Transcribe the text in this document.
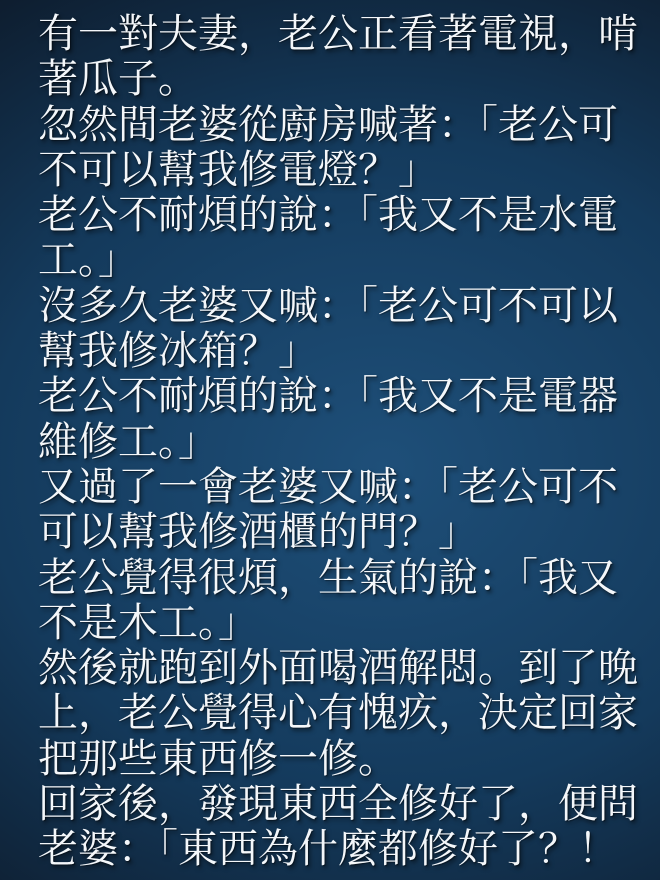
有一對夫妻，老公正看著電視，啃
著瓜子。
忽然間老婆從廚房喊著：「老公可
不可以幫我修電燈？」
老公不耐煩的說：「我又不是水電
工。」
沒多久老婆又喊：「老公可不可以
幫我修冰箱？」
老公不耐煩的說：「我又不是電器
維修工。」
又過了一會老婆又喊：「老公可不
可以幫我修酒櫃的門？」
老公覺得很煩，生氣的說：「我又
不是木工。」
然後就跑到外面喝酒解悶。到了晚
上，老公覺得心有愧疚，決定回家
把那些東西修一修。
回家後，發現東西全修好了，便問
老婆：「東西為什麼都修好了？！
